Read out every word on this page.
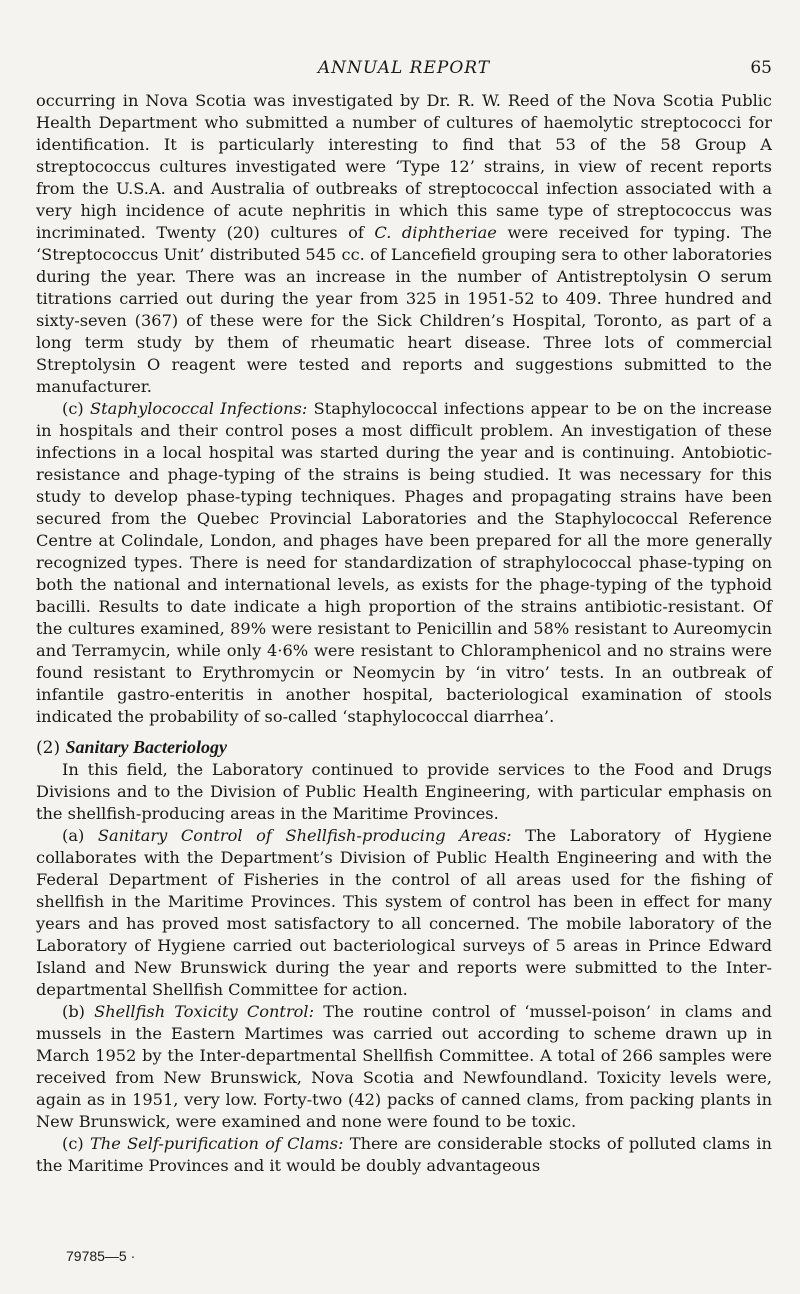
ANNUAL REPORT	65

occurring in Nova Scotia was investigated by Dr. R. W. Reed of the Nova Scotia Public Health Department who submitted a number of cultures of haemolytic streptococci for identification. It is particularly interesting to find that 53 of the 58 Group A streptococcus cultures investigated were ‘Type 12’ strains, in view of recent reports from the U.S.A. and Australia of outbreaks of streptococcal infection associated with a very high incidence of acute nephritis in which this same type of streptococcus was incriminated. Twenty (20) cultures of C. diphtheriae were received for typing. The ‘Streptococcus Unit’ distributed 545 cc. of Lancefield grouping sera to other laboratories during the year. There was an increase in the number of Antistreptolysin O serum titrations carried out during the year from 325 in 1951-52 to 409. Three hundred and sixty-seven (367) of these were for the Sick Children’s Hospital, Toronto, as part of a long term study by them of rheumatic heart disease. Three lots of commercial Streptolysin O reagent were tested and reports and suggestions submitted to the manufacturer.

(c) Staphylococcal Infections: Staphylococcal infections appear to be on the increase in hospitals and their control poses a most difficult problem. An investigation of these infections in a local hospital was started during the year and is continuing. Antobiotic-resistance and phage-typing of the strains is being studied. It was necessary for this study to develop phase-typing techniques. Phages and propagating strains have been secured from the Quebec Provincial Laboratories and the Staphylococcal Reference Centre at Colindale, London, and phages have been prepared for all the more generally recognized types. There is need for standardization of straphylococcal phase-typing on both the national and international levels, as exists for the phage-typing of the typhoid bacilli. Results to date indicate a high proportion of the strains antibiotic-resistant. Of the cultures examined, 89% were resistant to Penicillin and 58% resistant to Aureomycin and Terramycin, while only 4·6% were resistant to Chloramphenicol and no strains were found resistant to Erythromycin or Neomycin by ‘in vitro’ tests. In an outbreak of infantile gastro-enteritis in another hospital, bacteriological examination of stools indicated the probability of so-called ‘staphylococcal diarrhea’.

(2) Sanitary Bacteriology

In this field, the Laboratory continued to provide services to the Food and Drugs Divisions and to the Division of Public Health Engineering, with particular emphasis on the shellfish-producing areas in the Maritime Provinces.

(a) Sanitary Control of Shellfish-producing Areas: The Laboratory of Hygiene collaborates with the Department’s Division of Public Health Engineering and with the Federal Department of Fisheries in the control of all areas used for the fishing of shellfish in the Maritime Provinces. This system of control has been in effect for many years and has proved most satisfactory to all concerned. The mobile laboratory of the Laboratory of Hygiene carried out bacteriological surveys of 5 areas in Prince Edward Island and New Brunswick during the year and reports were submitted to the Interdepartmental Shellfish Committee for action.

(b) Shellfish Toxicity Control: The routine control of ‘mussel-poison’ in clams and mussels in the Eastern Martimes was carried out according to scheme drawn up in March 1952 by the Inter-departmental Shellfish Committee. A total of 266 samples were received from New Brunswick, Nova Scotia and Newfoundland. Toxicity levels were, again as in 1951, very low. Forty-two (42) packs of canned clams, from packing plants in New Brunswick, were examined and none were found to be toxic.

(c) The Self-purification of Clams: There are considerable stocks of polluted clams in the Maritime Provinces and it would be doubly advantageous

79785—5 ·
